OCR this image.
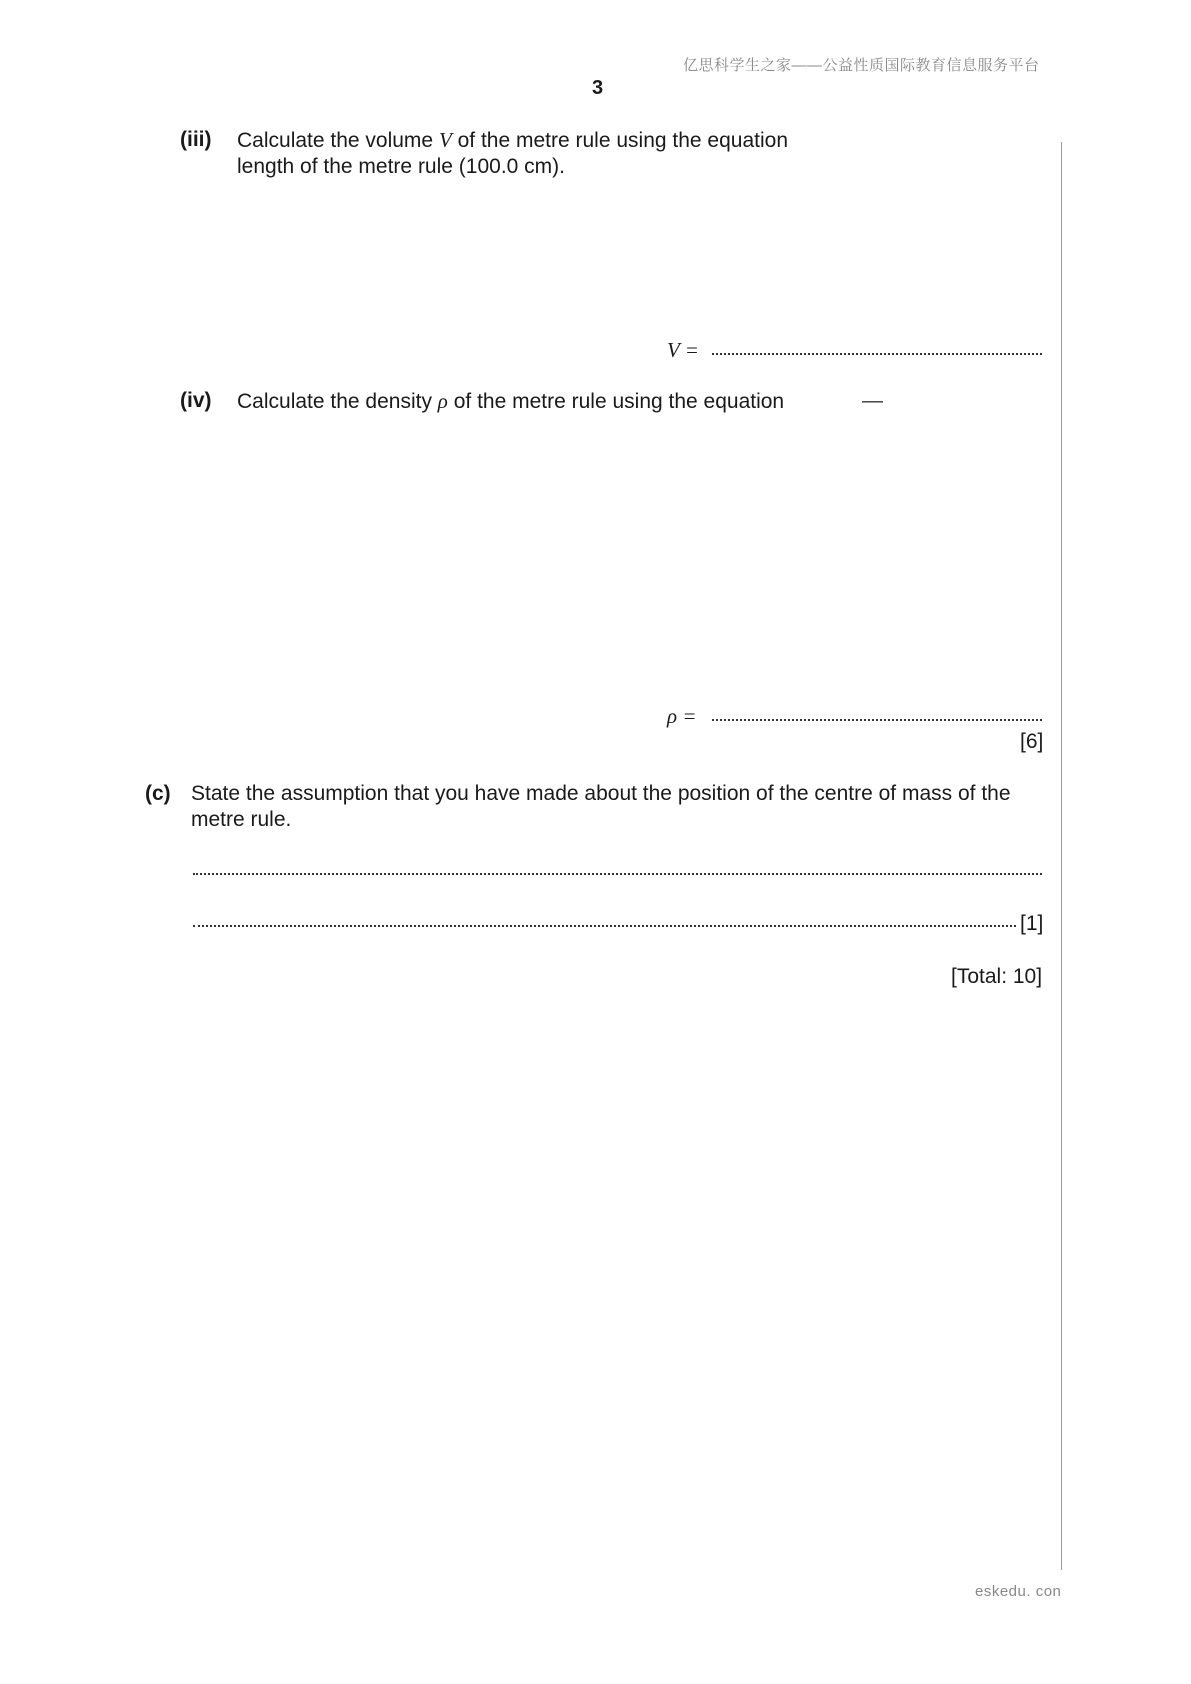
亿思科学生之家——公益性质国际教育信息服务平台
3
(iii) Calculate the volume V of the metre rule using the equation
length of the metre rule (100.0 cm).
V =
(iv) Calculate the density ρ of the metre rule using the equation	—
ρ =
[6]
(c) State the assumption that you have made about the position of the centre of mass of the
metre rule.
[1]
[Total: 10]
eskedu. con
